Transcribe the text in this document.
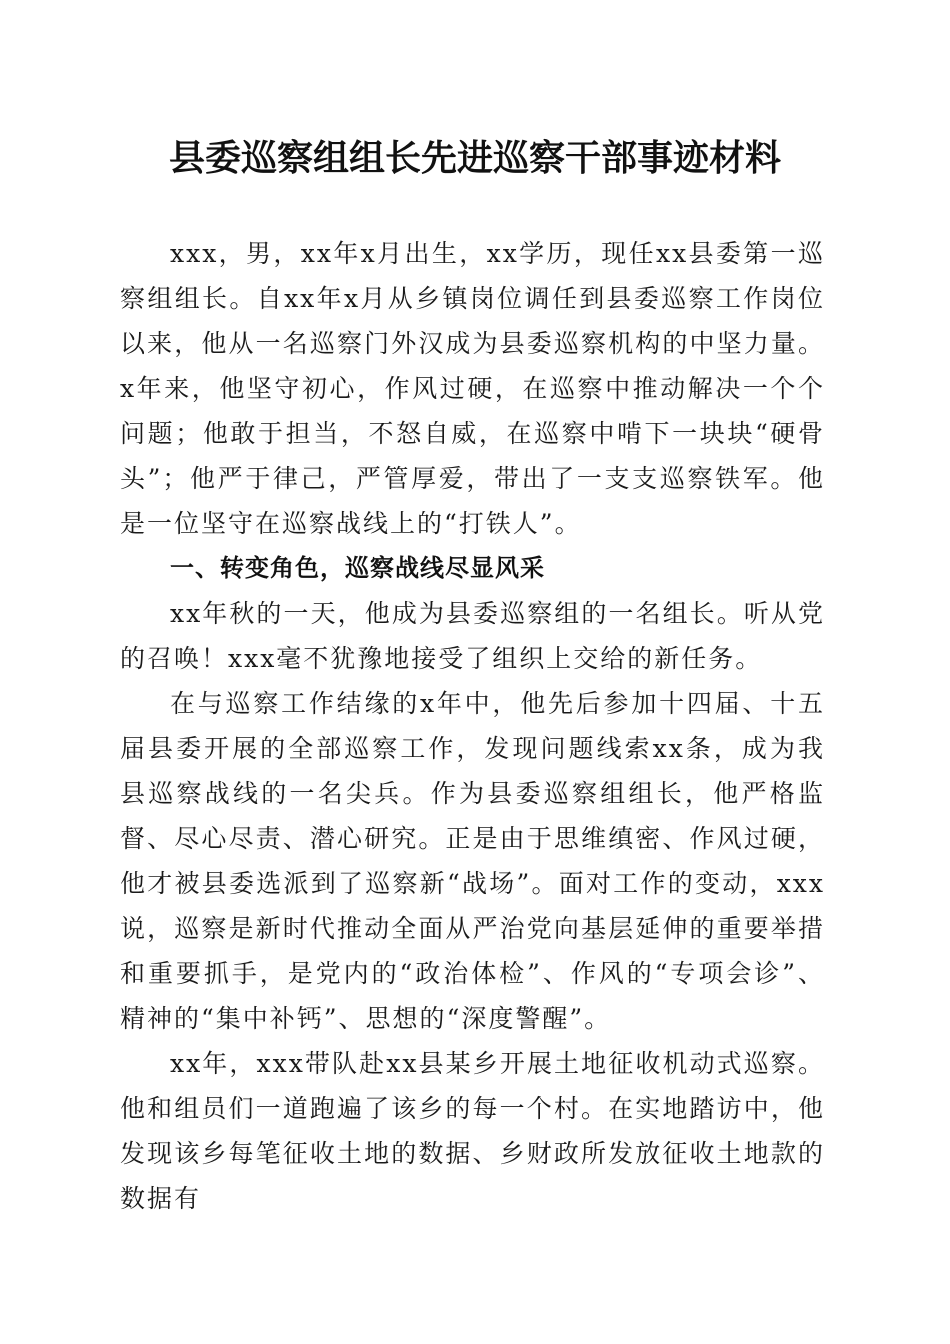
县委巡察组组长先进巡察干部事迹材料

xxx，男，xx年x月出生，xx学历，现任xx县委第一巡察组组长。自xx年x月从乡镇岗位调任到县委巡察工作岗位以来，他从一名巡察门外汉成为县委巡察机构的中坚力量。x年来，他坚守初心，作风过硬，在巡察中推动解决一个个问题；他敢于担当，不怒自威，在巡察中啃下一块块“硬骨头”；他严于律己，严管厚爱，带出了一支支巡察铁军。他是一位坚守在巡察战线上的“打铁人”。

一、转变角色，巡察战线尽显风采

xx年秋的一天，他成为县委巡察组的一名组长。听从党的召唤！xxx毫不犹豫地接受了组织上交给的新任务。

在与巡察工作结缘的x年中，他先后参加十四届、十五届县委开展的全部巡察工作，发现问题线索xx条，成为我县巡察战线的一名尖兵。作为县委巡察组组长，他严格监督、尽心尽责、潜心研究。正是由于思维缜密、作风过硬，他才被县委选派到了巡察新“战场”。面对工作的变动，xxx说，巡察是新时代推动全面从严治党向基层延伸的重要举措和重要抓手，是党内的“政治体检”、作风的“专项会诊”、精神的“集中补钙”、思想的“深度警醒”。

xx年，xxx带队赴xx县某乡开展土地征收机动式巡察。他和组员们一道跑遍了该乡的每一个村。在实地踏访中，他发现该乡每笔征收土地的数据、乡财政所发放征收土地款的数据有
